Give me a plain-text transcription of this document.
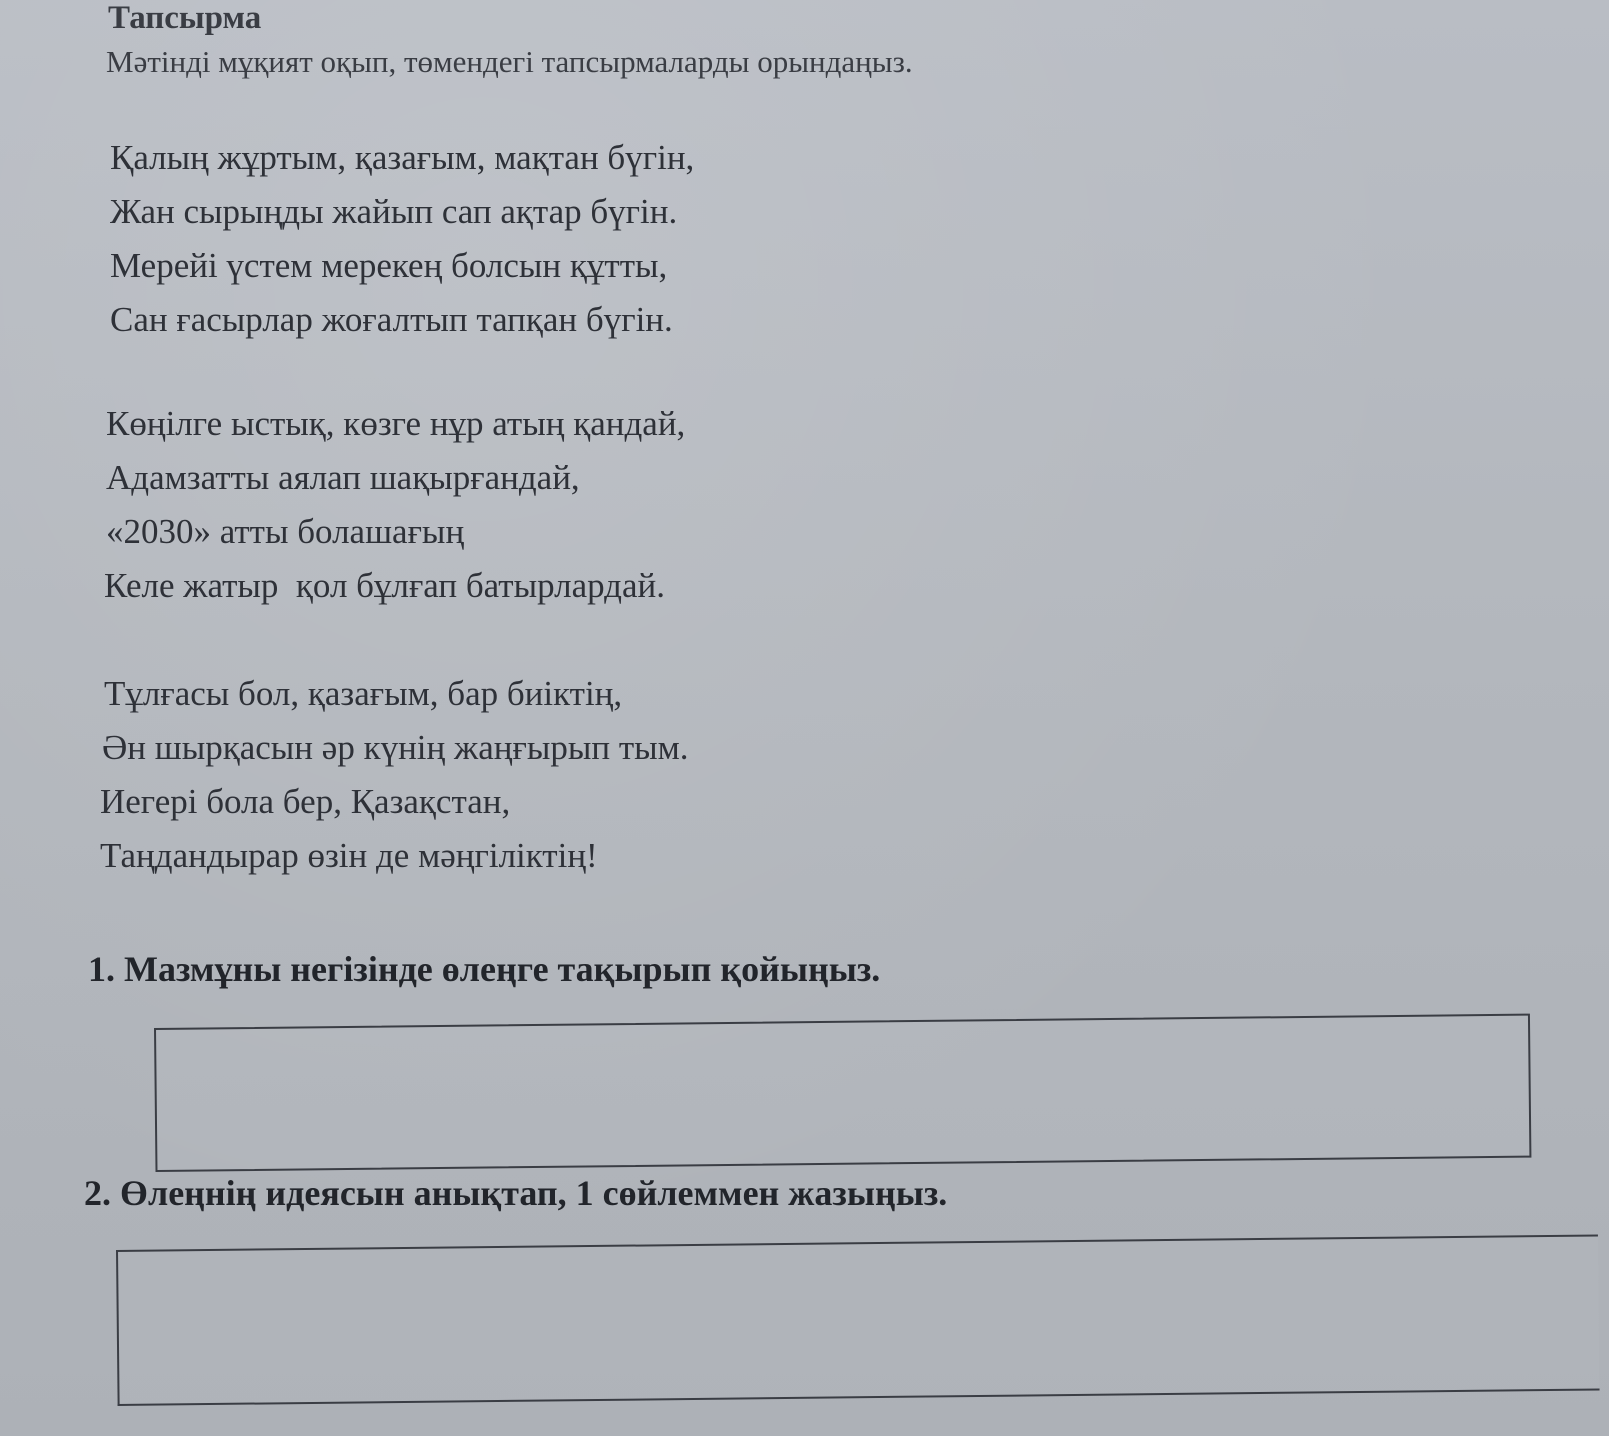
Тапсырма

Мәтінді мұқият оқып, төмендегі тапсырмаларды орындаңыз.

Қалың жұртым, қазағым, мақтан бүгін,
Жан сырыңды жайып сап ақтар бүгін.
Мерейі үстем мерекең болсын құтты,
Сан ғасырлар жоғалтып тапқан бүгін.
Көңілге ыстық, көзге нұр атың қандай,
Адамзатты аялап шақырғандай,
«2030» атты болашағың
Келе жатыр  қол бұлғап батырлардай.
Тұлғасы бол, қазағым, бар биіктің,
Ән шырқасын әр күнің жаңғырып тым.
Иегері бола бер, Қазақстан,
Таңдандырар өзін де мәңгіліктің!
1. Мазмұны негізінде өлеңге тақырып қойыңыз.
2. Өлеңнің идеясын анықтап, 1 сөйлеммен жазыңыз.
